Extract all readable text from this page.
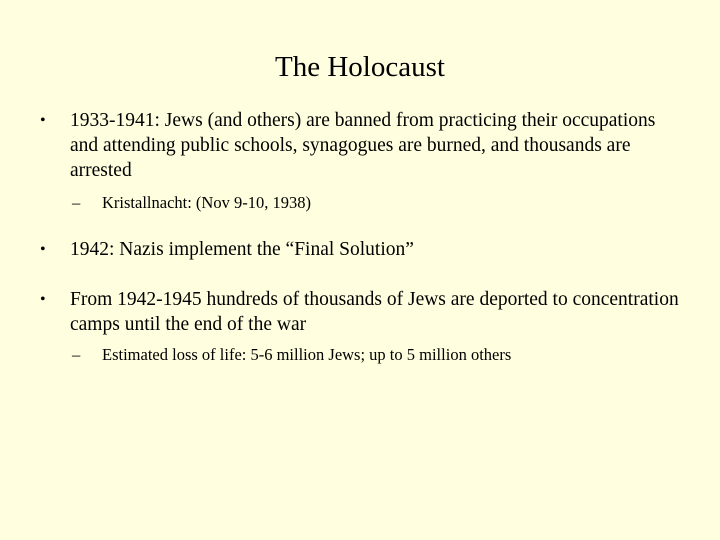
The Holocaust
•	1933-1941: Jews (and others) are banned from practicing their occupations and attending public schools, synagogues are burned, and thousands are arrested
–	Kristallnacht: (Nov 9-10, 1938)
•	1942: Nazis implement the “Final Solution”
•	From 1942-1945 hundreds of thousands of Jews are deported to concentration camps until the end of the war
–	Estimated loss of life: 5-6 million Jews; up to 5 million others
